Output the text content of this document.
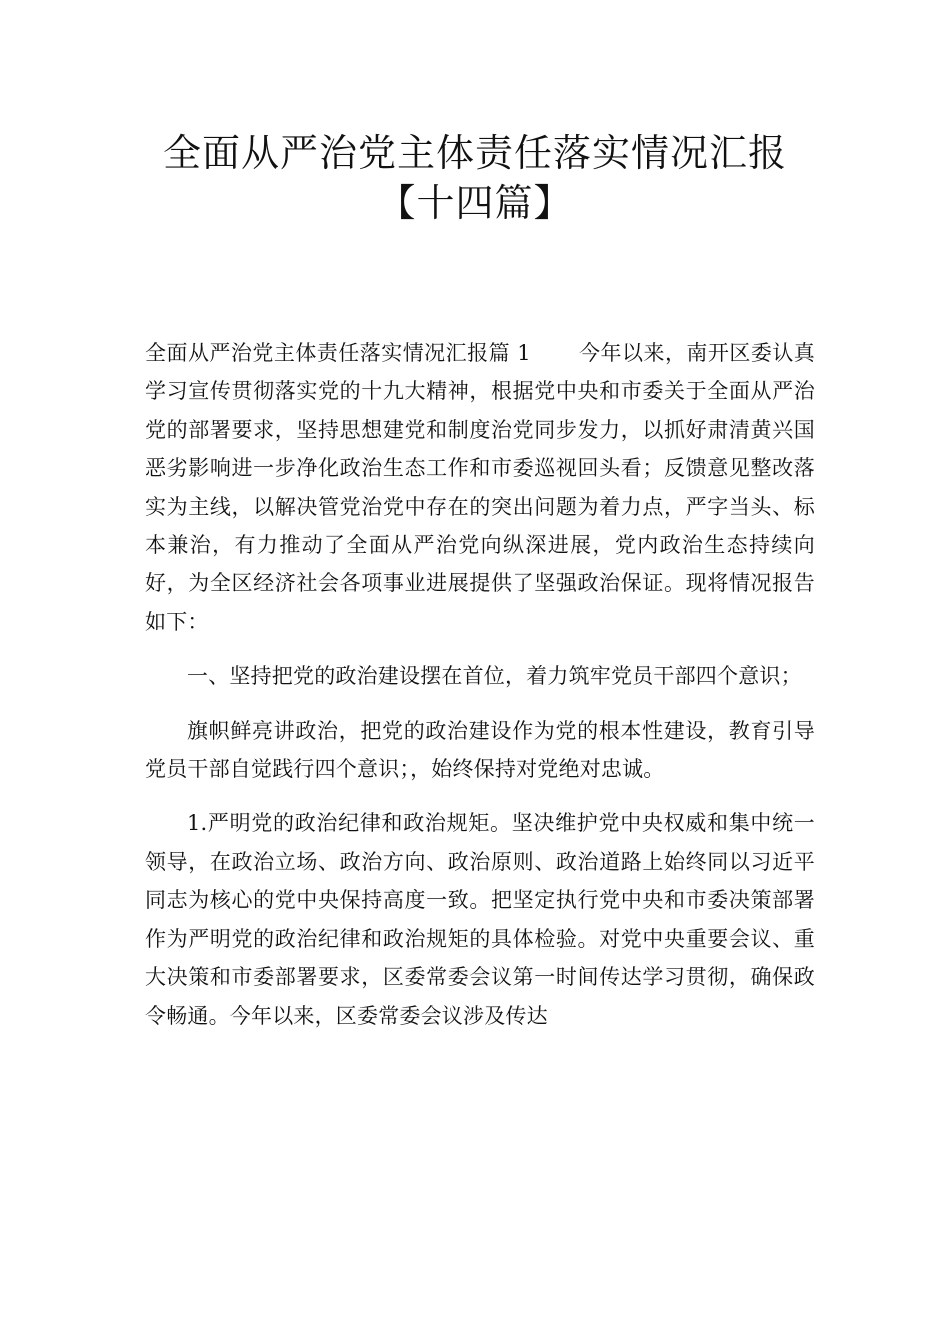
全面从严治党主体责任落实情况汇报
【十四篇】

全面从严治党主体责任落实情况汇报篇 1 今年以来，南开区委认真学习宣传贯彻落实党的十九大精神，根据党中央和市委关于全面从严治党的部署要求，坚持思想建党和制度治党同步发力，以抓好肃清黄兴国恶劣影响进一步净化政治生态工作和市委巡视回头看；反馈意见整改落实为主线，以解决管党治党中存在的突出问题为着力点，严字当头、标本兼治，有力推动了全面从严治党向纵深进展，党内政治生态持续向好，为全区经济社会各项事业进展提供了坚强政治保证。现将情况报告如下：

一、坚持把党的政治建设摆在首位，着力筑牢党员干部四个意识；

旗帜鲜亮讲政治，把党的政治建设作为党的根本性建设，教育引导党员干部自觉践行四个意识；，始终保持对党绝对忠诚。

1.严明党的政治纪律和政治规矩。坚决维护党中央权威和集中统一领导，在政治立场、政治方向、政治原则、政治道路上始终同以习近平同志为核心的党中央保持高度一致。把坚定执行党中央和市委决策部署作为严明党的政治纪律和政治规矩的具体检验。对党中央重要会议、重大决策和市委部署要求，区委常委会议第一时间传达学习贯彻，确保政令畅通。今年以来，区委常委会议涉及传达
